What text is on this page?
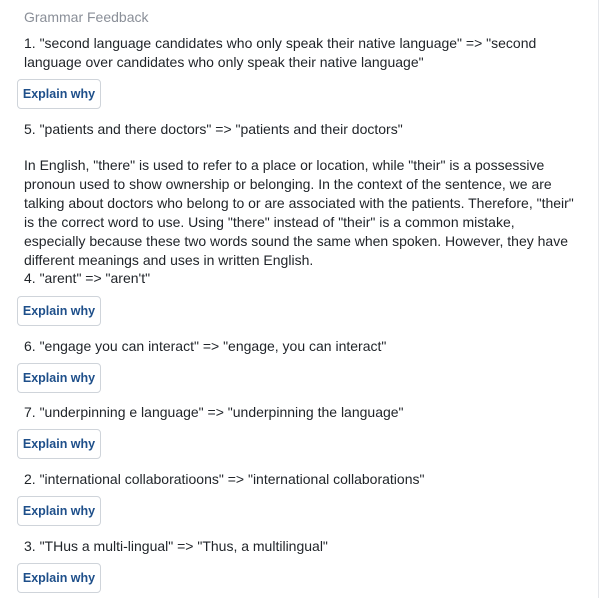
Grammar Feedback
1. "second language candidates who only speak their native language" => "second language over candidates who only speak their native language"
Explain why
5. "patients and there doctors" => "patients and their doctors"
In English, "there" is used to refer to a place or location, while "their" is a possessive pronoun used to show ownership or belonging. In the context of the sentence, we are talking about doctors who belong to or are associated with the patients. Therefore, "their" is the correct word to use. Using "there" instead of "their" is a common mistake, especially because these two words sound the same when spoken. However, they have different meanings and uses in written English.
4. "arent" => "aren't"
Explain why
6. "engage you can interact" => "engage, you can interact"
Explain why
7. "underpinning e language" => "underpinning the language"
Explain why
2. "international collaboratioons" => "international collaborations"
Explain why
3. "THus a multi-lingual" => "Thus, a multilingual"
Explain why
